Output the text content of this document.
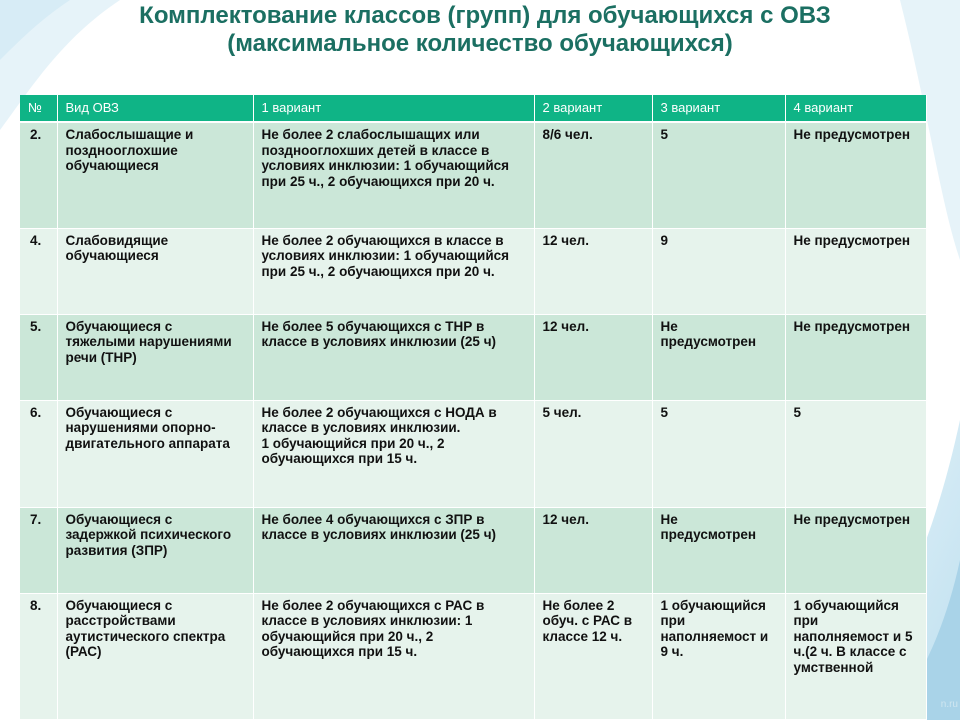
Комплектование классов (групп) для обучающихся с ОВЗ
(максимальное количество обучающихся)
№	Вид ОВЗ	1 вариант	2 вариант	3 вариант	4 вариант
2.	Слабослышащие и позднооглохшие обучающиеся	Не более 2 слабослышащих или позднооглохших детей в классе в условиях инклюзии: 1 обучающийся при 25 ч., 2 обучающихся при 20 ч.	8/6 чел.	5	Не предусмотрен
4.	Слабовидящие обучающиеся	Не более 2 обучающихся в классе в условиях инклюзии: 1 обучающийся при 25 ч., 2 обучающихся при 20 ч.	12 чел.	9	Не предусмотрен
5.	Обучающиеся с тяжелыми нарушениями речи (ТНР)	Не более 5 обучающихся с ТНР в классе в условиях инклюзии (25 ч)	12 чел.	Не предусмотрен	Не предусмотрен
6.	Обучающиеся с нарушениями опорно-двигательного аппарата	Не более 2 обучающихся с НОДА в классе в условиях инклюзии.
1 обучающийся при 20 ч., 2 обучающихся при 15 ч.	5 чел.	5	5
7.	Обучающиеся с задержкой психического развития (ЗПР)	Не более 4 обучающихся с ЗПР в классе в условиях инклюзии (25 ч)	12 чел.	Не предусмотрен	Не предусмотрен
8.	Обучающиеся с расстройствами аутистического спектра (РАС)	Не более 2 обучающихся с РАС в классе в условиях инклюзии: 1 обучающийся при 20 ч., 2 обучающихся при 15 ч.	Не более 2 обуч. с РАС в классе 12 ч.	1 обучающийся при наполняемост и 9 ч.	1 обучающийся при наполняемост и 5 ч.(2 ч. В классе с умственной
n.ru
